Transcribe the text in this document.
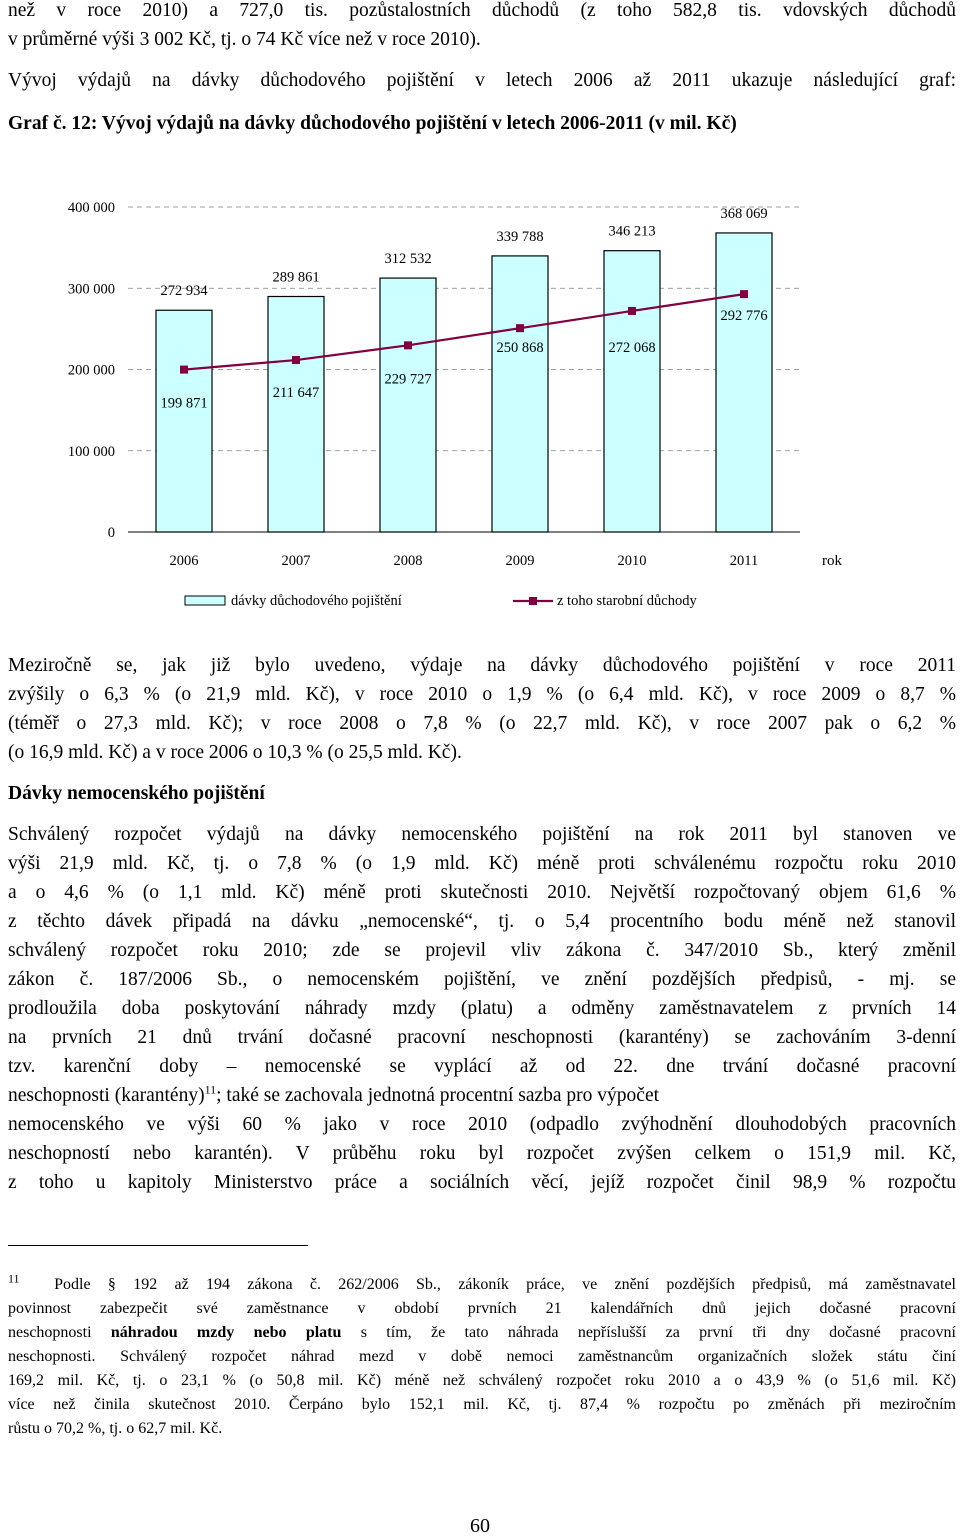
než v roce 2010) a 727,0 tis. pozůstalostních důchodů (z toho 582,8 tis. vdovských důchodů
v průměrné výši 3 002 Kč, tj. o 74 Kč více než v roce 2010).
Vývoj výdajů na dávky důchodového pojištění v letech 2006 až 2011 ukazuje následující graf:
Graf č. 12: Vývoj výdajů na dávky důchodového pojištění v letech 2006-2011 (v mil. Kč)
400 000
300 000
200 000
100 000
0
272 934
289 861
312 532
339 788	346 213
368 069
199 871
211 647
229 727
250 868	272 068
292 776
2006	2007	2008	2009	2010	2011	rok
dávky důchodového pojištění	z toho starobní důchody
Meziročně se, jak již bylo uvedeno, výdaje na dávky důchodového pojištění v roce 2011
zvýšily o 6,3 % (o 21,9 mld. Kč), v roce 2010 o 1,9 % (o 6,4 mld. Kč), v roce 2009 o 8,7 %
(téměř o 27,3 mld. Kč); v roce 2008 o 7,8 % (o 22,7 mld. Kč), v roce 2007 pak o 6,2 %
(o 16,9 mld. Kč) a v roce 2006 o 10,3 % (o 25,5 mld. Kč).
Dávky nemocenského pojištění
Schválený rozpočet výdajů na dávky nemocenského pojištění na rok 2011 byl stanoven ve
výši 21,9 mld. Kč, tj. o 7,8 % (o 1,9 mld. Kč) méně proti schválenému rozpočtu roku 2010
a o 4,6 % (o 1,1 mld. Kč) méně proti skutečnosti 2010. Největší rozpočtovaný objem 61,6 %
z těchto dávek připadá na dávku „nemocenské“, tj. o 5,4 procentního bodu méně než stanovil
schválený rozpočet roku 2010; zde se projevil vliv zákona č. 347/2010 Sb., který změnil
zákon č. 187/2006 Sb., o nemocenském pojištění, ve znění pozdějších předpisů, - mj. se
prodloužila doba poskytování náhrady mzdy (platu) a odměny zaměstnavatelem z prvních 14
na prvních 21 dnů trvání dočasné pracovní neschopnosti (karantény) se zachováním 3-denní
tzv. karenční doby – nemocenské se vyplácí až od 22. dne trvání dočasné pracovní
neschopnosti (karantény)$^{11}$; také se zachovala jednotná procentní sazba pro výpočet
nemocenského ve výši 60 % jako v roce 2010 (odpadlo zvýhodnění dlouhodobých pracovních
neschopností nebo karantén). V průběhu roku byl rozpočet zvýšen celkem o 151,9 mil. Kč,
z toho u kapitoly Ministerstvo práce a sociálních věcí, jejíž rozpočet činil 98,9 % rozpočtu
$^{11}$ Podle § 192 až 194 zákona č. 262/2006 Sb., zákoník práce, ve znění pozdějších předpisů, má zaměstnavatel
povinnost zabezpečit své zaměstnance v období prvních 21 kalendářních dnů jejich dočasné pracovní
neschopnosti náhradou mzdy nebo platu s tím, že tato náhrada nepříslušší za první tři dny dočasné pracovní
neschopnosti. Schválený rozpočet náhrad mezd v době nemoci zaměstnancům organizačních složek státu činí
169,2 mil. Kč, tj. o 23,1 % (o 50,8 mil. Kč) méně než schválený rozpočet roku 2010 a o 43,9 % (o 51,6 mil. Kč)
více než činila skutečnost 2010. Čerpáno bylo 152,1 mil. Kč, tj. 87,4 % rozpočtu po změnách při meziročním
růstu o 70,2 %, tj. o 62,7 mil. Kč.
60
